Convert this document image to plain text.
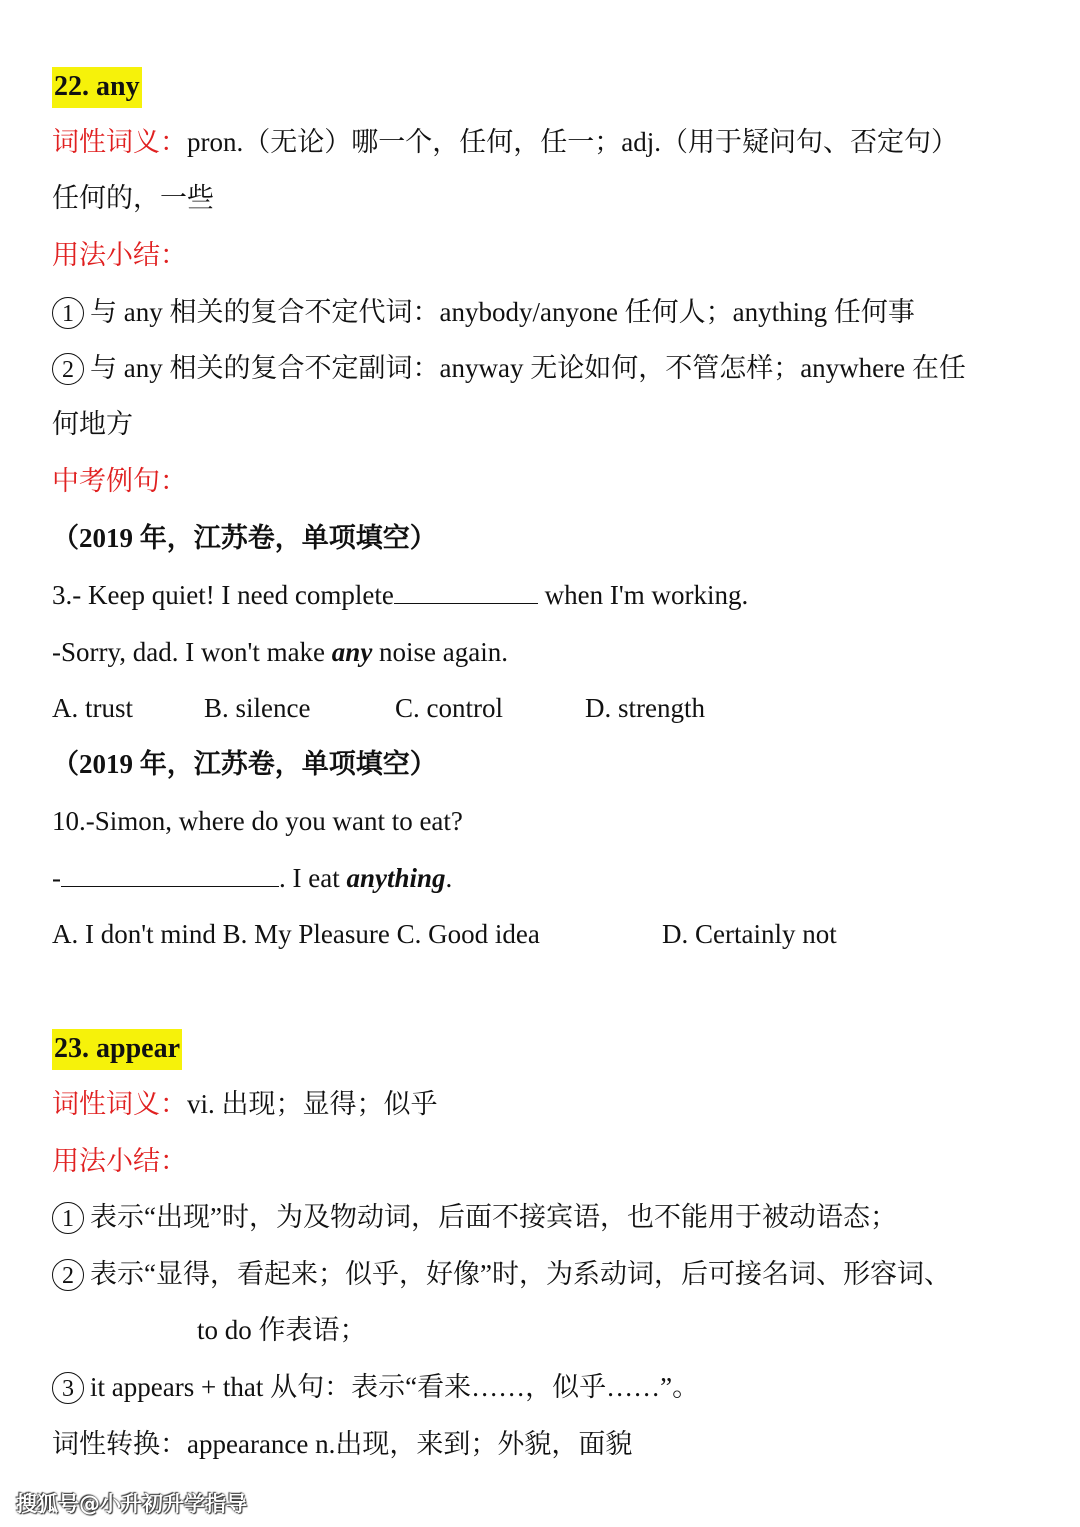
22. any
词性词义：pron.（无论）哪一个，任何，任一；adj.（用于疑问句、否定句）
任何的，一些
用法小结：
1 与 any 相关的复合不定代词：anybody/anyone 任何人；anything 任何事
2 与 any 相关的复合不定副词：anyway 无论如何，不管怎样；anywhere 在任
何地方
中考例句：
（2019 年，江苏卷，单项填空）
3.- Keep quiet! I need complete	when I'm working.
-Sorry, dad. I won't make any noise again.
A. trust	B. silence	C. control	D. strength
（2019 年，江苏卷，单项填空）
10.-Simon, where do you want to eat?
-	. I eat anything.
A. I don't mind B. My Pleasure C. Good idea	D. Certainly not
23. appear
词性词义：vi. 出现；显得；似乎
用法小结：
1 表示“出现”时，为及物动词，后面不接宾语，也不能用于被动语态；
2 表示“显得，看起来；似乎，好像”时，为系动词，后可接名词、形容词、
to do 作表语；
3 it appears + that 从句：表示“看来……，似乎……”。
词性转换：appearance n.出现，来到；外貌，面貌
搜狐号@小升初升学指导
